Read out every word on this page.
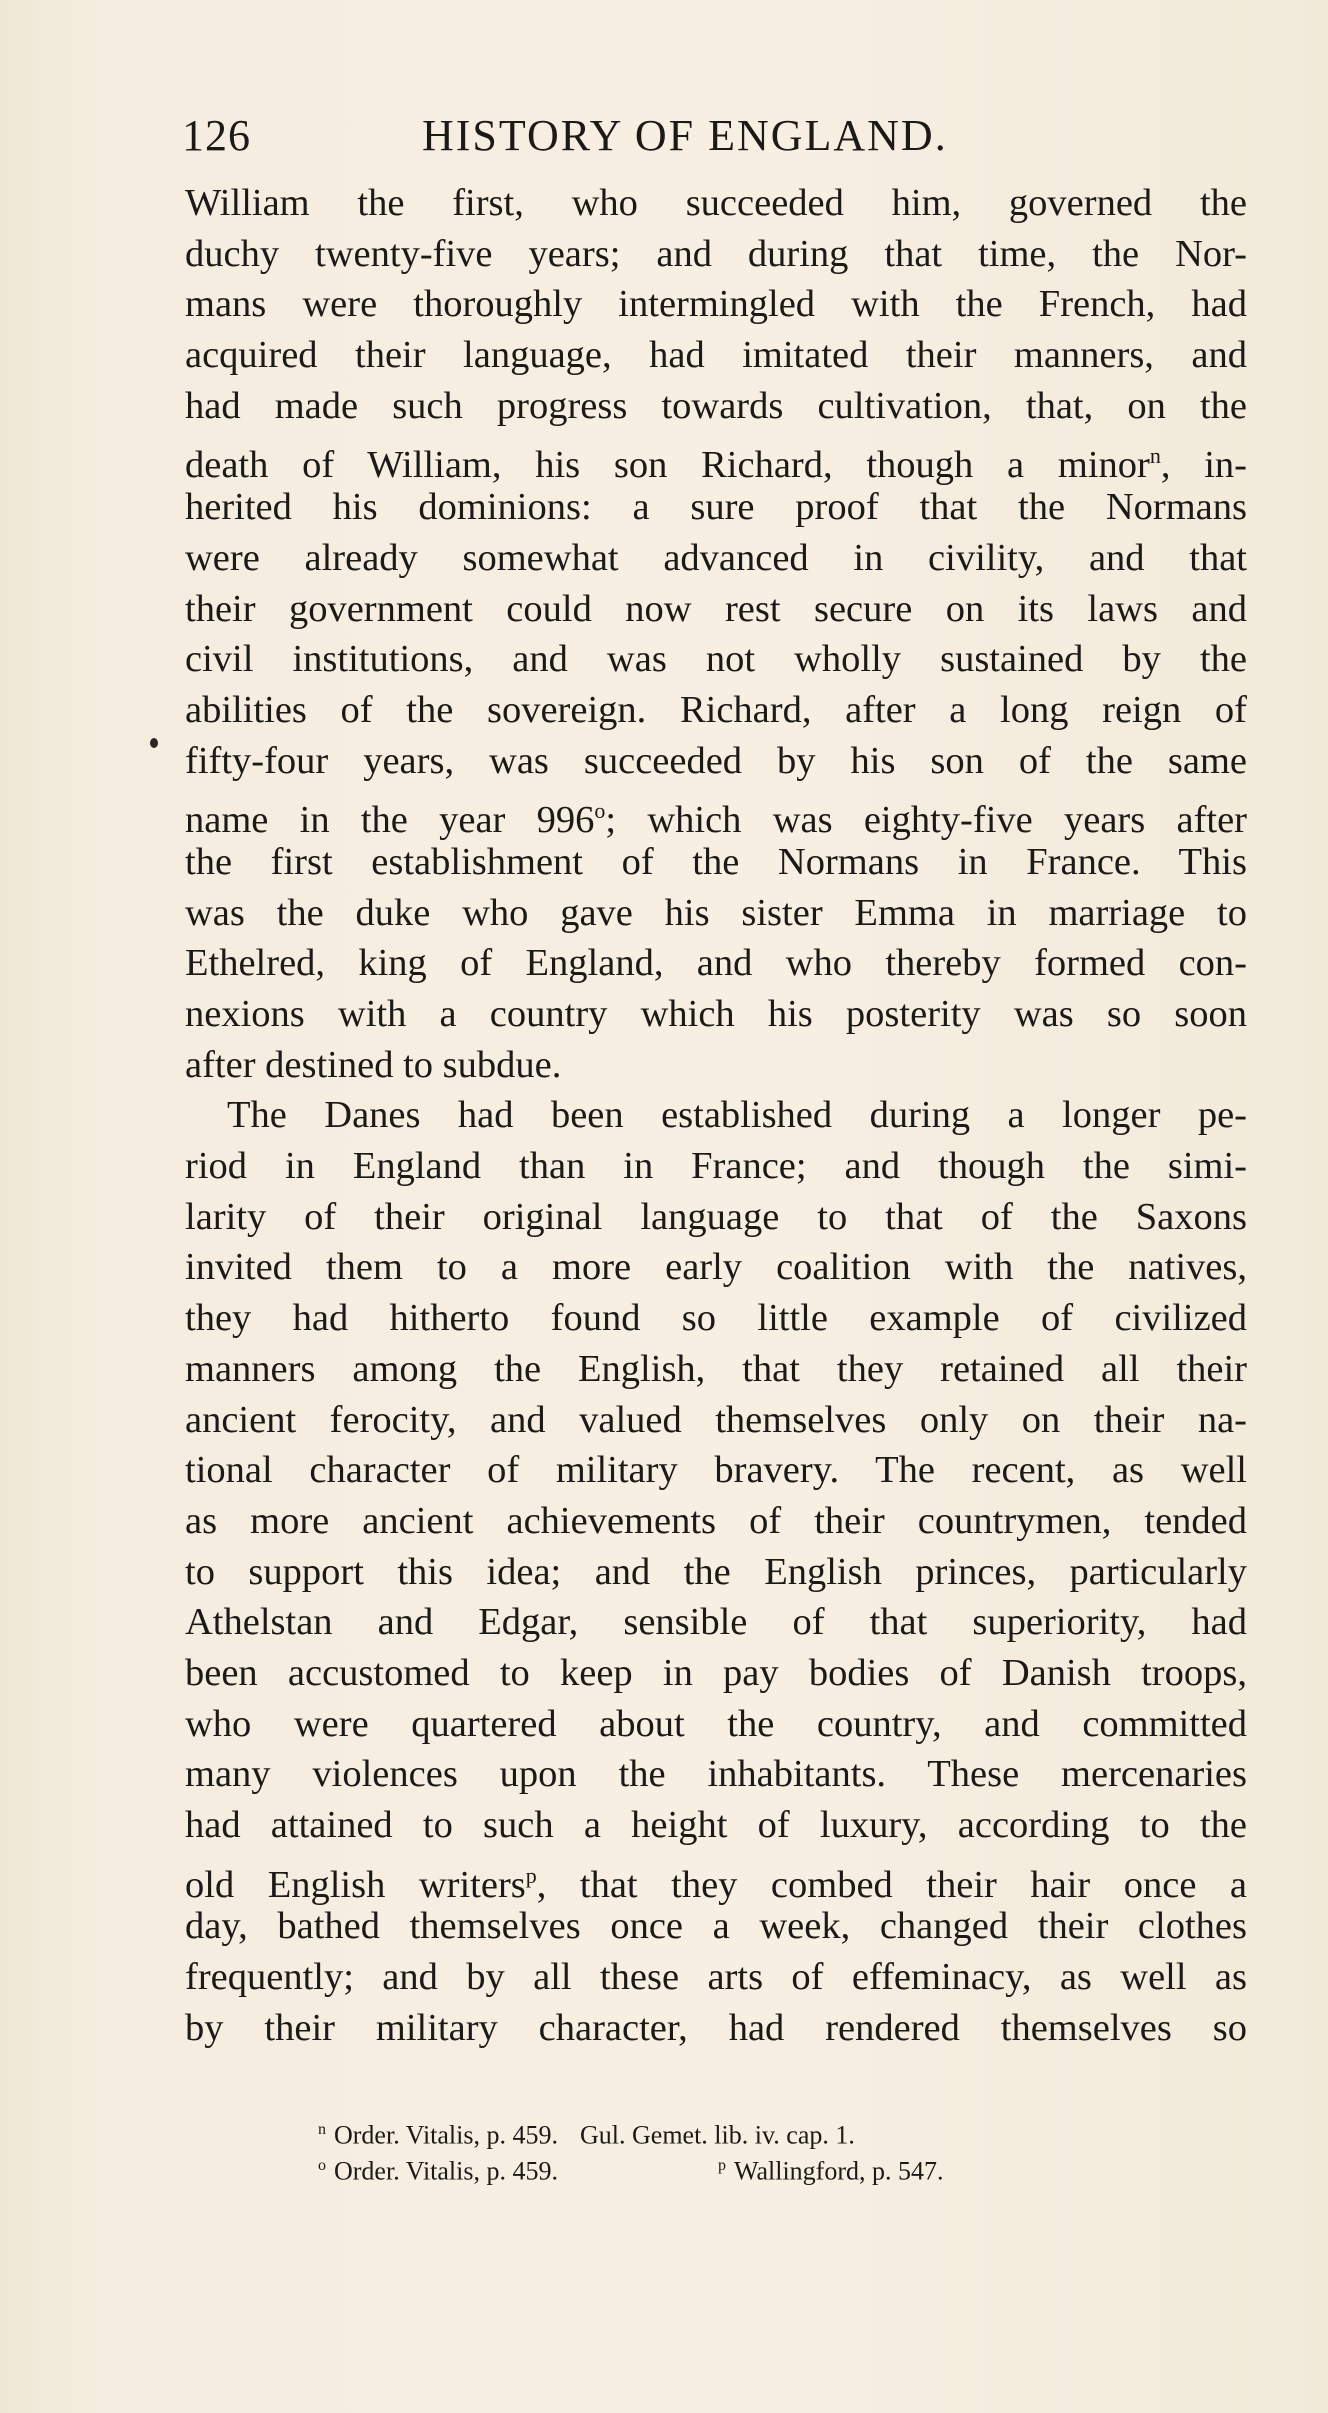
126	HISTORY OF ENGLAND.
William the first, who succeeded him, governed the
duchy twenty-five years; and during that time, the Nor-
mans were thoroughly intermingled with the French, had
acquired their language, had imitated their manners, and
had made such progress towards cultivation, that, on the
death of William, his son Richard, though a minor$^n$, in-
herited his dominions: a sure proof that the Normans
were already somewhat advanced in civility, and that
their government could now rest secure on its laws and
civil institutions, and was not wholly sustained by the
abilities of the sovereign. Richard, after a long reign of
fifty-four years, was succeeded by his son of the same
name in the year 996$^o$; which was eighty-five years after
the first establishment of the Normans in France. This
was the duke who gave his sister Emma in marriage to
Ethelred, king of England, and who thereby formed con-
nexions with a country which his posterity was so soon
after destined to subdue.
The Danes had been established during a longer pe-
riod in England than in France; and though the simi-
larity of their original language to that of the Saxons
invited them to a more early coalition with the natives,
they had hitherto found so little example of civilized
manners among the English, that they retained all their
ancient ferocity, and valued themselves only on their na-
tional character of military bravery. The recent, as well
as more ancient achievements of their countrymen, tended
to support this idea; and the English princes, particularly
Athelstan and Edgar, sensible of that superiority, had
been accustomed to keep in pay bodies of Danish troops,
who were quartered about the country, and committed
many violences upon the inhabitants. These mercenaries
had attained to such a height of luxury, according to the
old English writers$^p$, that they combed their hair once a
day, bathed themselves once a week, changed their clothes
frequently; and by all these arts of effeminacy, as well as
by their military character, had rendered themselves so
$^n$ Order. Vitalis, p. 459. Gul. Gemet. lib. iv. cap. 1.
$^o$ Order. Vitalis, p. 459.	$^p$ Wallingford, p. 547.
